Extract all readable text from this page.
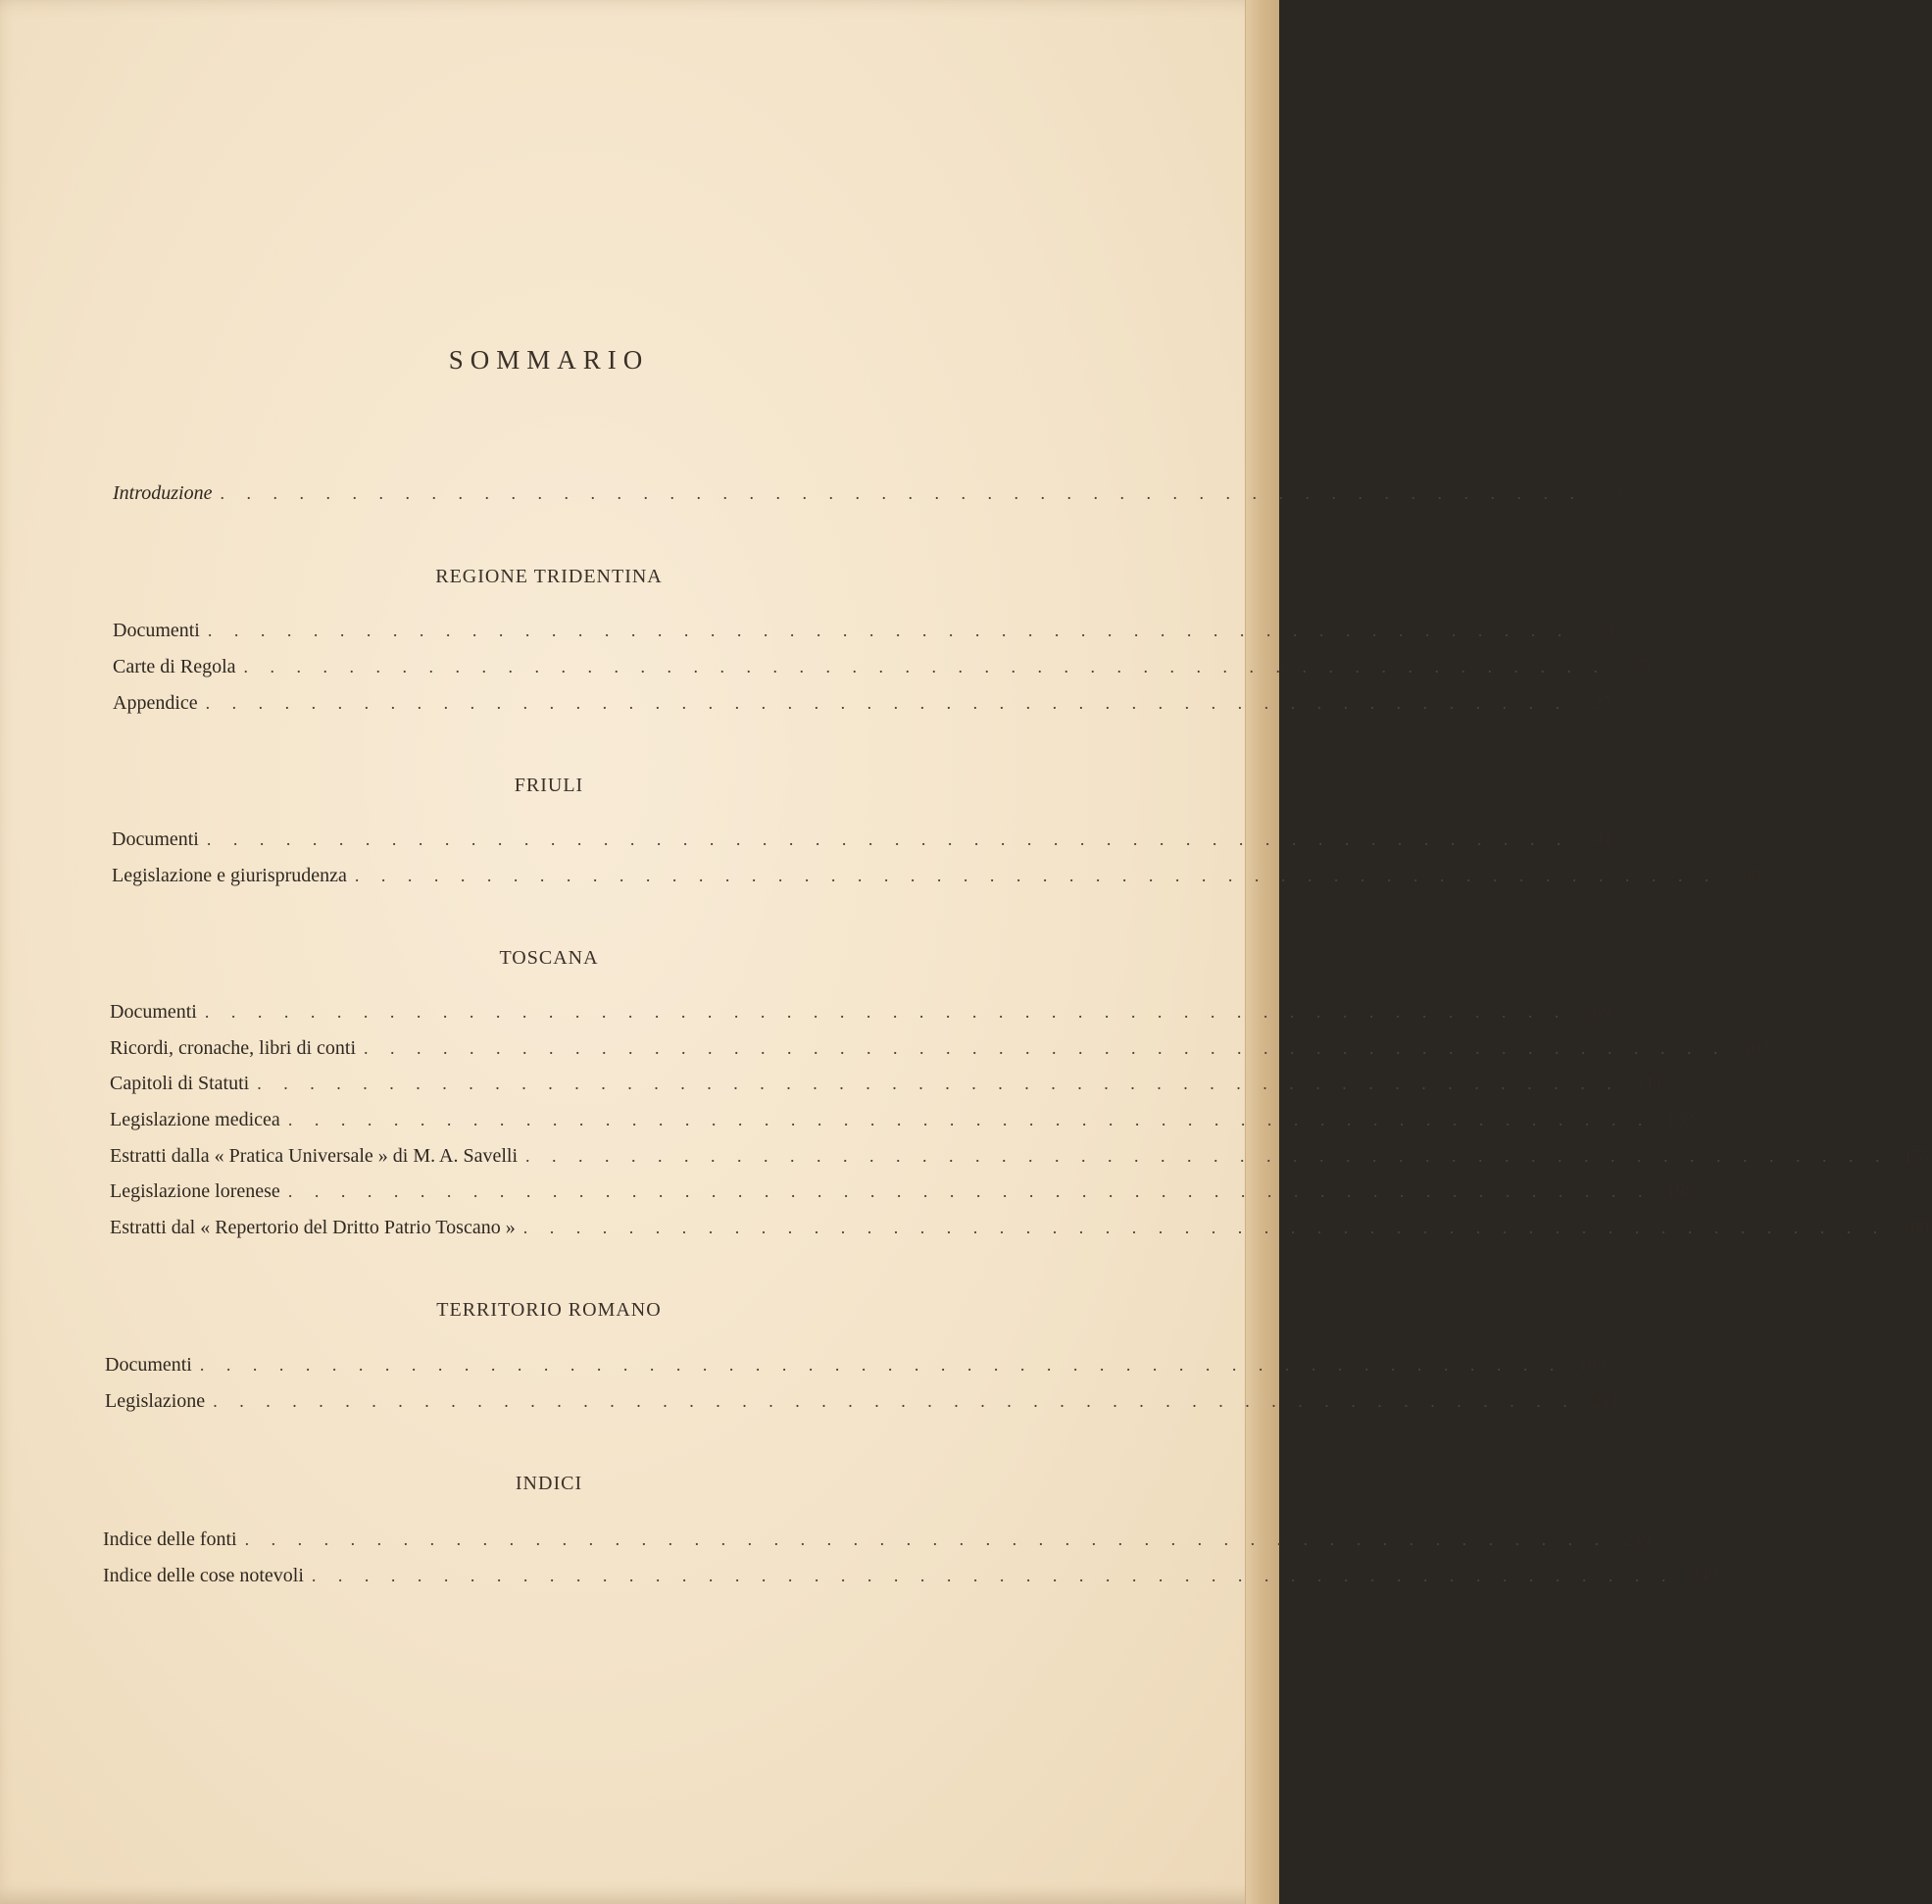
SOMMARIO
Introduzione . . . . . . . . . . . . . . . . . . . . . . . . . . . . . . . . . . . . . . . . . . . . . . . . . . . .	v
REGIONE TRIDENTINA
Documenti . . . . . . . . . . . . . . . . . . . . . . . . . . . . . . . . . . . . . . . . . . . . . . . . . . . .	3
Carte di Regola . . . . . . . . . . . . . . . . . . . . . . . . . . . . . . . . . . . . . . . . . . . . . . . . . . . .	15
Appendice . . . . . . . . . . . . . . . . . . . . . . . . . . . . . . . . . . . . . . . . . . . . . . . . . . . .	27
FRIULI
Documenti . . . . . . . . . . . . . . . . . . . . . . . . . . . . . . . . . . . . . . . . . . . . . . . . . . . .	41
Legislazione e giurisprudenza . . . . . . . . . . . . . . . . . . . . . . . . . . . . . . . . . . . . . . . . . . . . . . . . . . . .	60
TOSCANA
Documenti . . . . . . . . . . . . . . . . . . . . . . . . . . . . . . . . . . . . . . . . . . . . . . . . . . . .	69
Ricordi, cronache, libri di conti . . . . . . . . . . . . . . . . . . . . . . . . . . . . . . . . . . . . . . . . . . . . . . . . . . . . 103
Capitoli di Statuti . . . . . . . . . . . . . . . . . . . . . . . . . . . . . . . . . . . . . . . . . . . . . . . . . . . . 111
Legislazione medicea . . . . . . . . . . . . . . . . . . . . . . . . . . . . . . . . . . . . . . . . . . . . . . . . . . . . 133
Estratti dalla « Pratica Universale » di M. A. Savelli . . . . . . . . . . . . . . . . . . . . . . . . . . . . . . . . . . . . . . . . . . . . . . . . . . . . 157
Legislazione lorenese . . . . . . . . . . . . . . . . . . . . . . . . . . . . . . . . . . . . . . . . . . . . . . . . . . . . 168
Estratti dal « Repertorio del Dritto Patrio Toscano » . . . . . . . . . . . . . . . . . . . . . . . . . . . . . . . . . . . . . . . . . . . . . . . . . . . . 180
TERRITORIO ROMANO
Documenti . . . . . . . . . . . . . . . . . . . . . . . . . . . . . . . . . . . . . . . . . . . . . . . . . . . . 189
Legislazione . . . . . . . . . . . . . . . . . . . . . . . . . . . . . . . . . . . . . . . . . . . . . . . . . . . . 211
INDICI
Indice delle fonti . . . . . . . . . . . . . . . . . . . . . . . . . . . . . . . . . . . . . . . . . . . . . . . . . . . . 239
Indice delle cose notevoli . . . . . . . . . . . . . . . . . . . . . . . . . . . . . . . . . . . . . . . . . . . . . . . . . . . . 249
